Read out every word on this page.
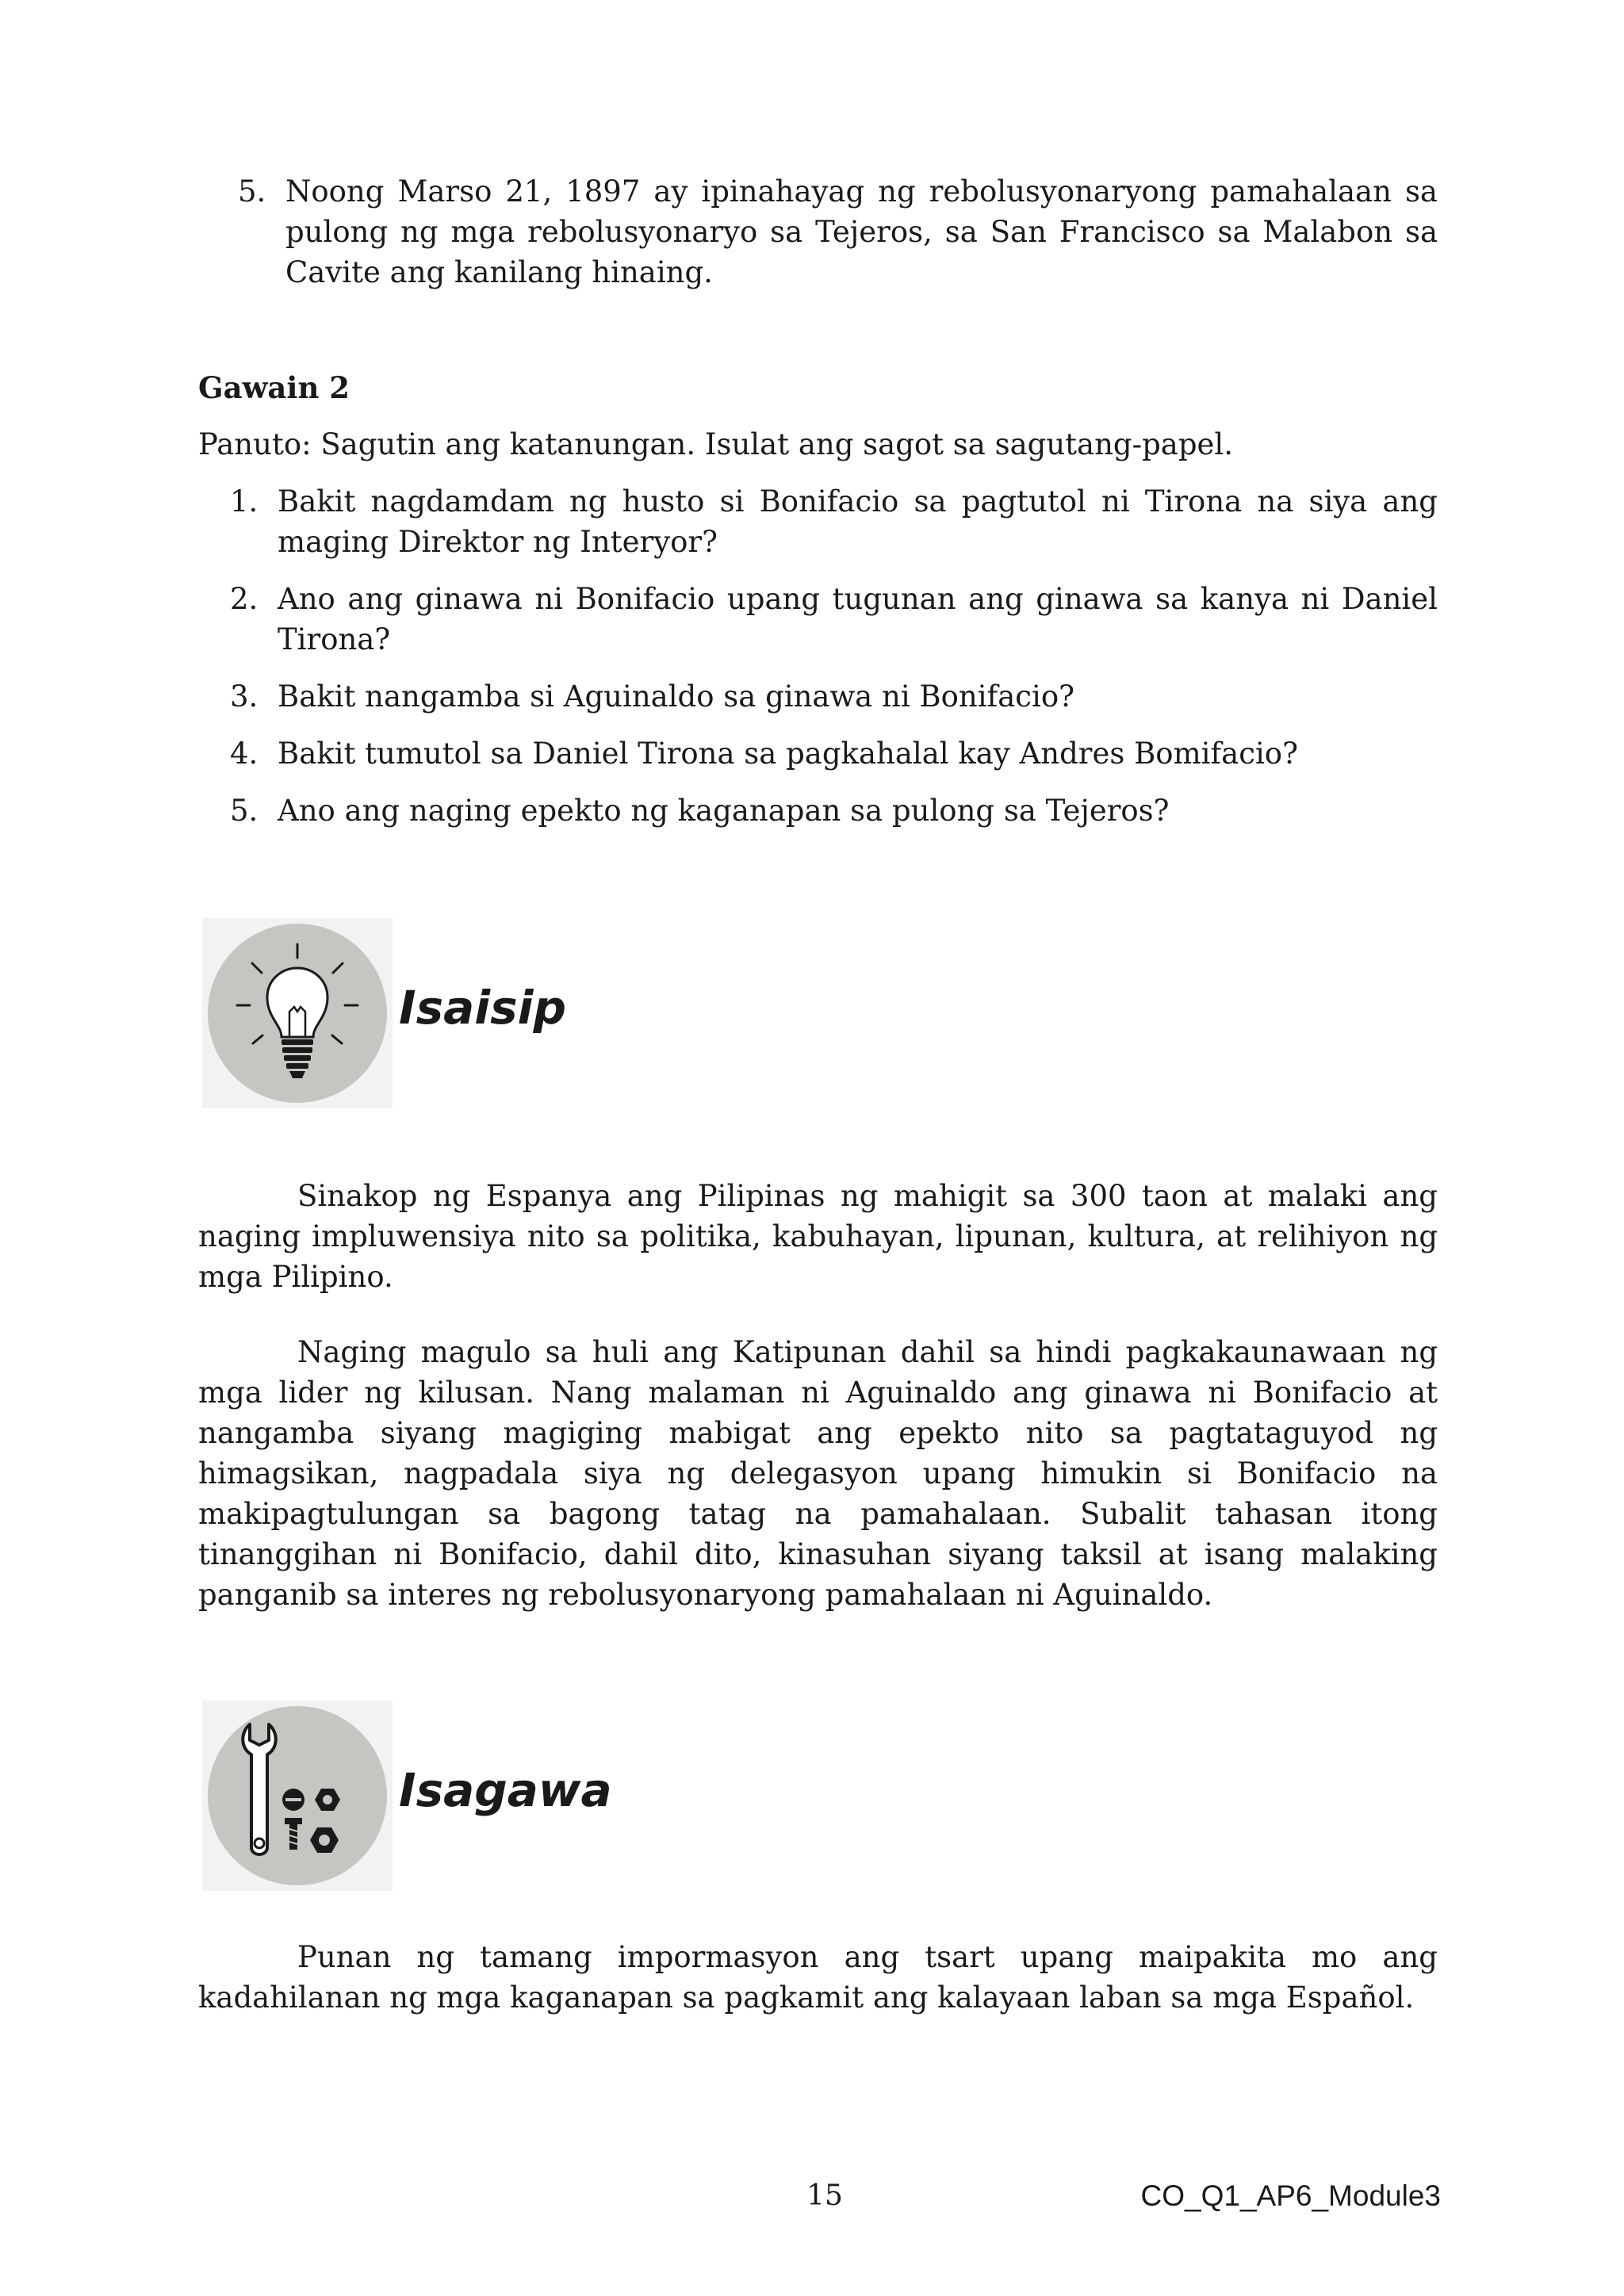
5. Noong Marso 21, 1897 ay ipinahayag ng rebolusyonaryong pamahalaan sa pulong ng mga rebolusyonaryo sa Tejeros, sa San Francisco sa Malabon sa Cavite ang kanilang hinaing.
Gawain 2
Panuto: Sagutin ang katanungan. Isulat ang sagot sa sagutang-papel.
1. Bakit nagdamdam ng husto si Bonifacio sa pagtutol ni Tirona na siya ang maging Direktor ng Interyor?
2. Ano ang ginawa ni Bonifacio upang tugunan ang ginawa sa kanya ni Daniel Tirona?
3. Bakit nangamba si Aguinaldo sa ginawa ni Bonifacio?
4. Bakit tumutol sa Daniel Tirona sa pagkahalal kay Andres Bomifacio?
5. Ano ang naging epekto ng kaganapan sa pulong sa Tejeros?
Isaisip
Sinakop ng Espanya ang Pilipinas ng mahigit sa 300 taon at malaki ang naging impluwensiya nito sa politika, kabuhayan, lipunan, kultura, at relihiyon ng mga Pilipino.
Naging magulo sa huli ang Katipunan dahil sa hindi pagkakaunawaan ng mga lider ng kilusan. Nang malaman ni Aguinaldo ang ginawa ni Bonifacio at nangamba siyang magiging mabigat ang epekto nito sa pagtataguyod ng himagsikan, nagpadala siya ng delegasyon upang himukin si Bonifacio na makipagtulungan sa bagong tatag na pamahalaan. Subalit tahasan itong tinanggihan ni Bonifacio, dahil dito, kinasuhan siyang taksil at isang malaking panganib sa interes ng rebolusyonaryong pamahalaan ni Aguinaldo.
Isagawa
Punan ng tamang impormasyon ang tsart upang maipakita mo ang kadahilanan ng mga kaganapan sa pagkamit ang kalayaan laban sa mga Español.
15	CO_Q1_AP6_Module3
